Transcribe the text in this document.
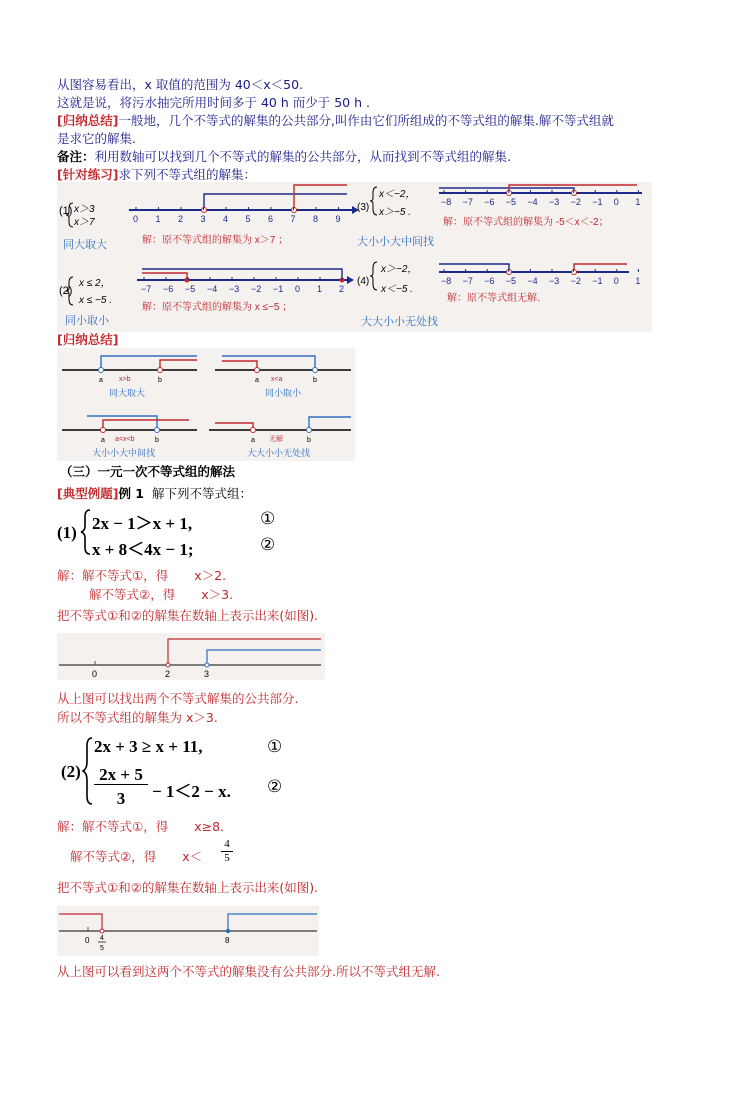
从图容易看出，x 取值的范围为 40＜x＜50.
这就是说，将污水抽完所用时间多于 40 h 而少于 50 h .
[归纳总结]一般地，几个不等式的解集的公共部分,叫作由它们所组成的不等式组的解集.解不等式组就
是求它的解集.
备注：利用数轴可以找到几个不等式的解集的公共部分，从而找到不等式组的解集.
[针对练习]求下列不等式组的解集：
(1) x＞3
x＞7
同大取大
0 1 2 3 4 5 6 7 8 9
解：原不等式组的解集为 x＞7 ；
(2)
x ≤ 2，
x ≤ −5 .
同小取小
−7 −6 −5 −4 −3 −2 −1 0 1 2
解：原不等式组的解集为 x ≤−5 ；
(3)
x＜−2，
x＞−5 .
大小小大中间找
−8 −7 −6 −5 −4 −3 −2 −1 0 1
解：原不等式组的解集为 -5＜x＜-2；
(4)
x＞−2，
x＜−5 .
大大小小无处找
−8 −7 −6 −5 −4 −3 −2 −1 0 1
解：原不等式组无解.
[归纳总结]
a	b
x>b
同大取大
a	b
x<a
同小取小
a	b
a<x<b
大小小大中间找
a	b
无解
大大小小无处找
（三）一元一次不等式组的解法
[典型例题]例 1 解下列不等式组：
(1) 2x − 1＞x + 1,
x + 8＜4x − 1;
①
②
解：解不等式①，得 x＞2.
解不等式②，得 x＞3.
把不等式①和②的解集在数轴上表示出来(如图).
0	2	3
从上图可以找出两个不等式解集的公共部分.
所以不等式组的解集为 x＞3.
(2)
2x + 3 ≥ x + 11,
2x + 5
3	− 1＜2 − x.
①
②
解：解不等式①，得 x≥8.
解不等式②，得 $x< \frac{4}{5}$
把不等式①和②的解集在数轴上表示出来(如图).
0 4
5
8
从上图可以看到这两个不等式的解集没有公共部分.所以不等式组无解.
